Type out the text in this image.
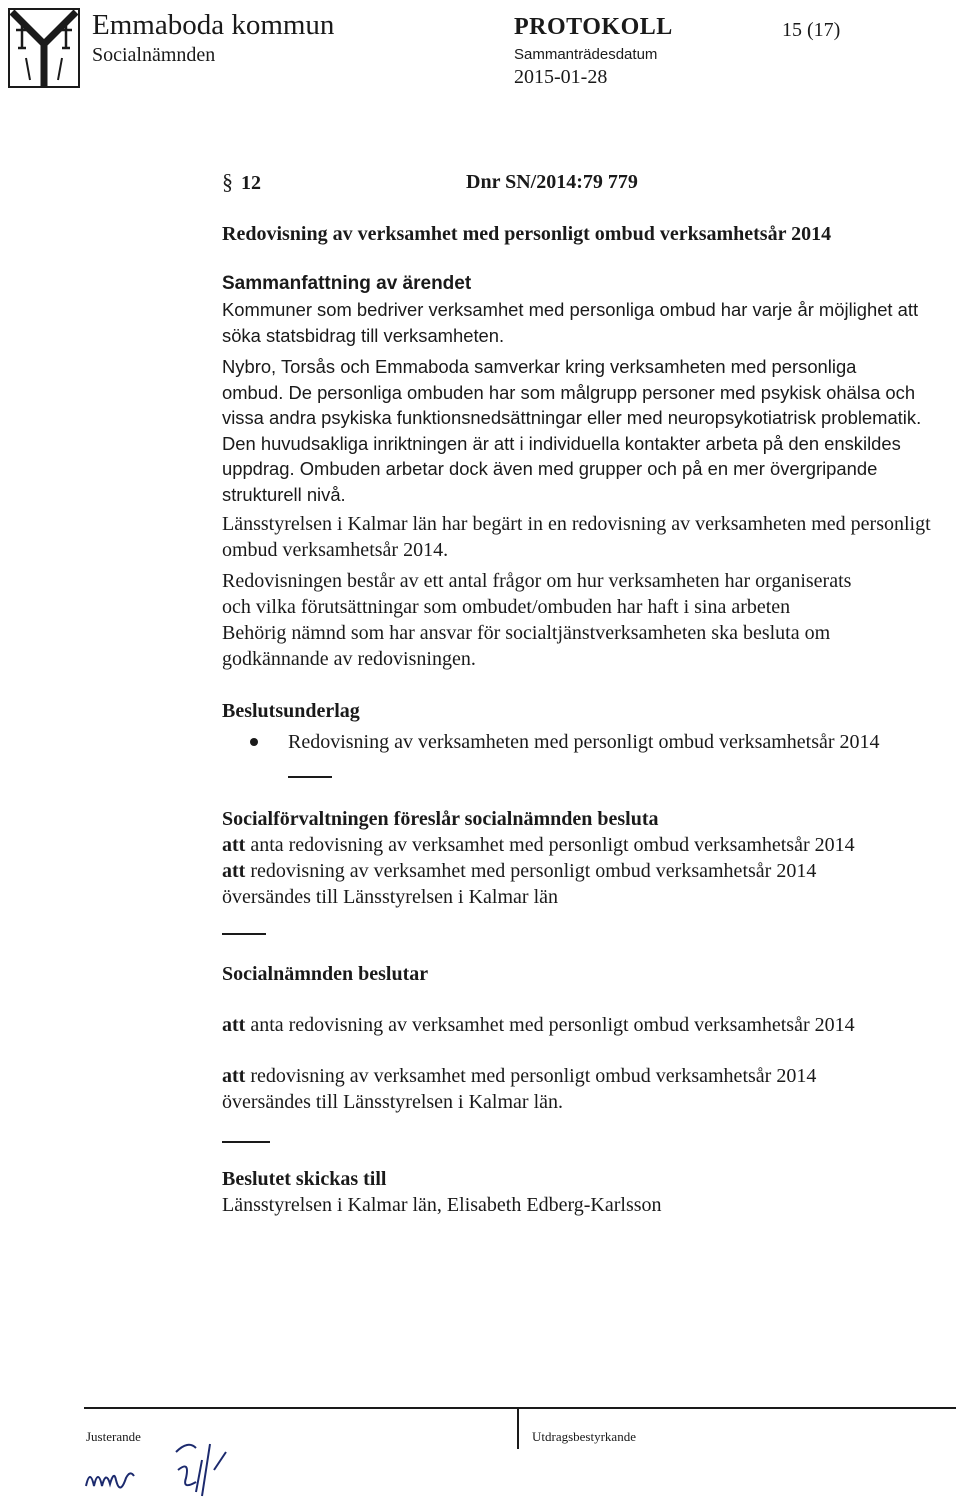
Emmaboda kommun
Socialnämnden
PROTOKOLL
Sammanträdesdatum
2015-01-28
15 (17)
§ 12	Dnr SN/2014:79 779
Redovisning av verksamhet med personligt ombud verksamhetsår 2014
Sammanfattning av ärendet

Kommuner som bedriver verksamhet med personliga ombud har varje år möjlighet att söka statsbidrag till verksamheten.

Nybro, Torsås och Emmaboda samverkar kring verksamheten med personliga ombud. De personliga ombuden har som målgrupp personer med psykisk ohälsa och vissa andra psykiska funktionsnedsättningar eller med neuropsykotiatrisk problematik. Den huvudsakliga inriktningen är att i individuella kontakter arbeta på den enskildes uppdrag. Ombuden arbetar dock även med grupper och på en mer övergripande strukturell nivå.

Länsstyrelsen i Kalmar län har begärt in en redovisning av verksamheten med personligt ombud verksamhetsår 2014.

Redovisningen består av ett antal frågor om hur verksamheten har organiserats
och vilka förutsättningar som ombudet/ombuden har haft i sina arbeten
Behörig nämnd som har ansvar för socialtjänstverksamheten ska besluta om
godkännande av redovisningen.
Beslutsunderlag
Redovisning av verksamheten med personligt ombud verksamhetsår 2014
Socialförvaltningen föreslår socialnämnden besluta
att anta redovisning av verksamhet med personligt ombud verksamhetsår 2014
att redovisning av verksamhet med personligt ombud verksamhetsår 2014
översändes till Länsstyrelsen i Kalmar län
Socialnämnden beslutar
att anta redovisning av verksamhet med personligt ombud verksamhetsår 2014
att redovisning av verksamhet med personligt ombud verksamhetsår 2014
översändes till Länsstyrelsen i Kalmar län.
Beslutet skickas till
Länsstyrelsen i Kalmar län, Elisabeth Edberg-Karlsson
Justerande	Utdragsbestyrkande
